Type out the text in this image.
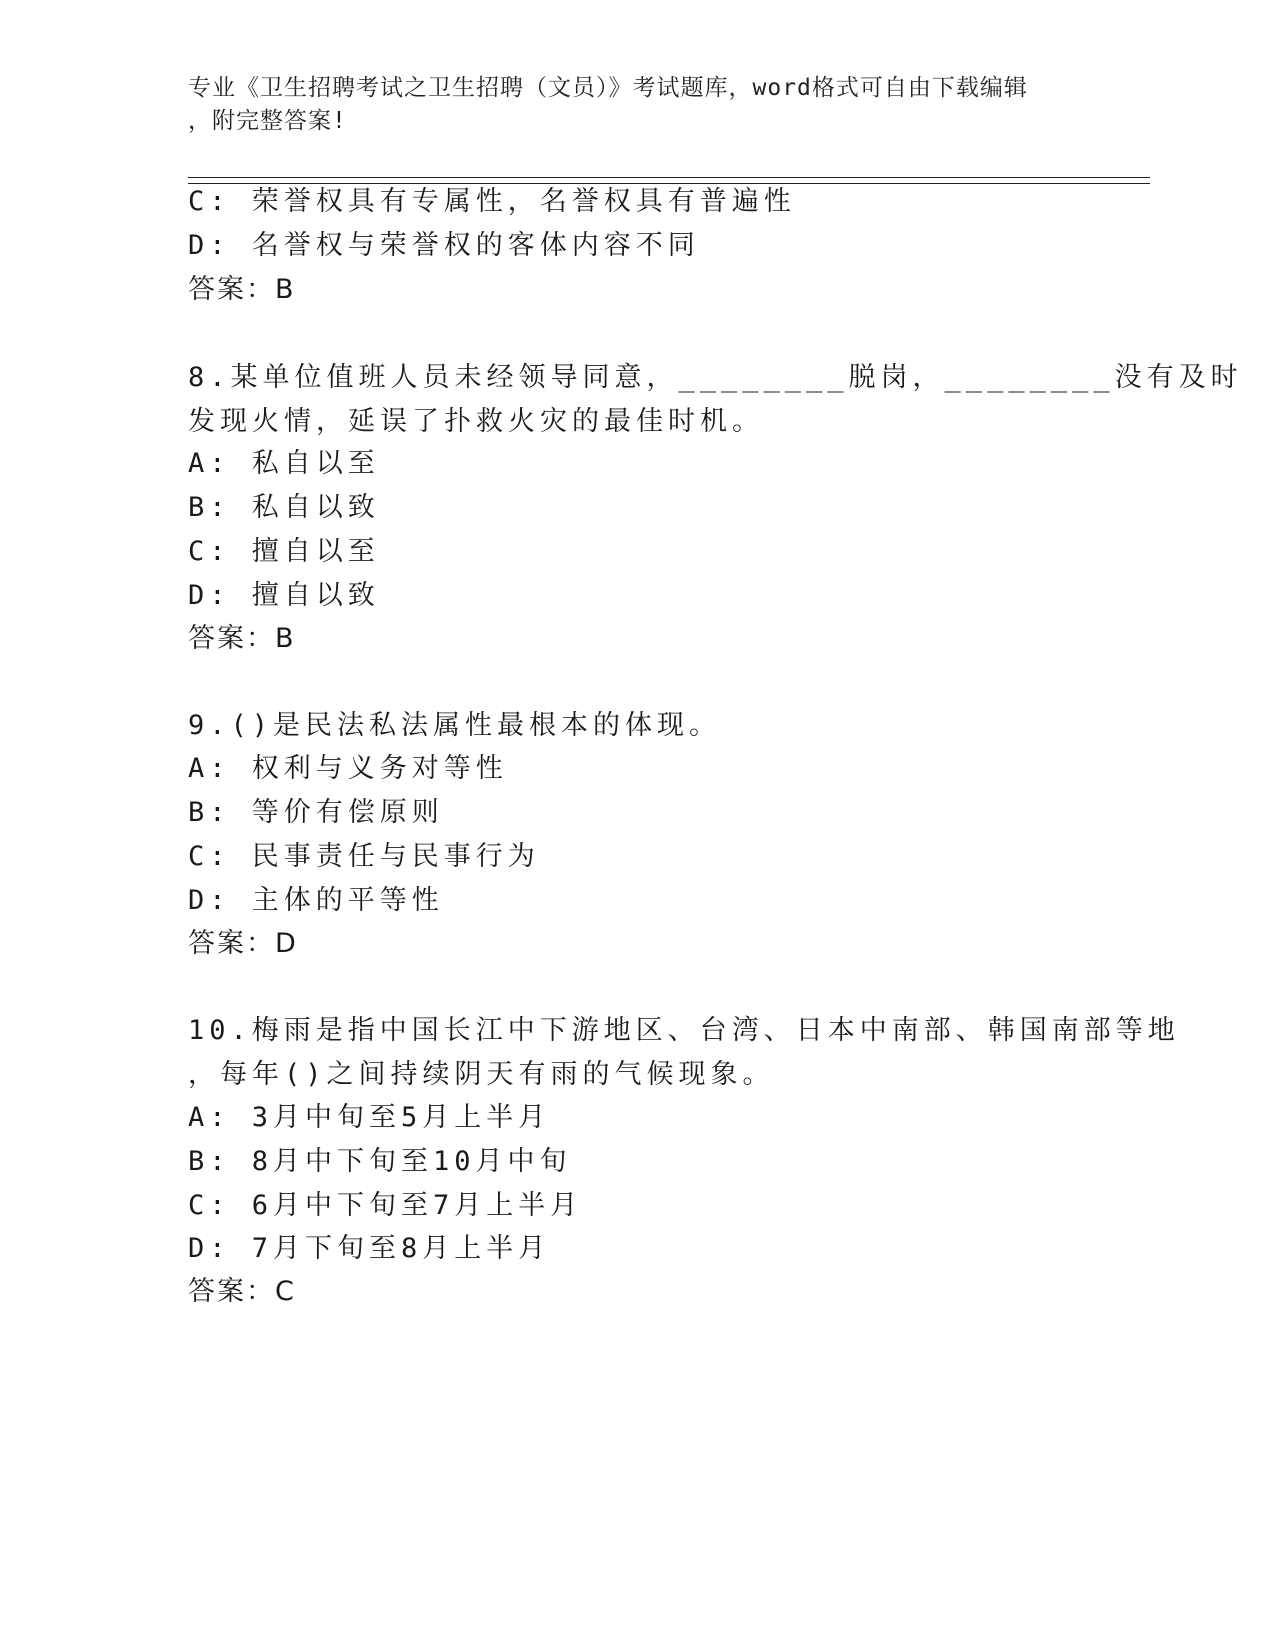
专业《卫生招聘考试之卫生招聘（文员）》考试题库，word格式可自由下载编辑
，附完整答案!
C: 荣誉权具有专属性，名誉权具有普遍性
D: 名誉权与荣誉权的客体内容不同
答案：B
8.某单位值班人员未经领导同意，________脱岗，________没有及时
发现火情，延误了扑救火灾的最佳时机。
A: 私自以至
B: 私自以致
C: 擅自以至
D: 擅自以致
答案：B
9.()是民法私法属性最根本的体现。
A: 权利与义务对等性
B: 等价有偿原则
C: 民事责任与民事行为
D: 主体的平等性
答案：D
10.梅雨是指中国长江中下游地区、台湾、日本中南部、韩国南部等地
，每年()之间持续阴天有雨的气候现象。
A: 3月中旬至5月上半月
B: 8月中下旬至10月中旬
C: 6月中下旬至7月上半月
D: 7月下旬至8月上半月
答案：C
